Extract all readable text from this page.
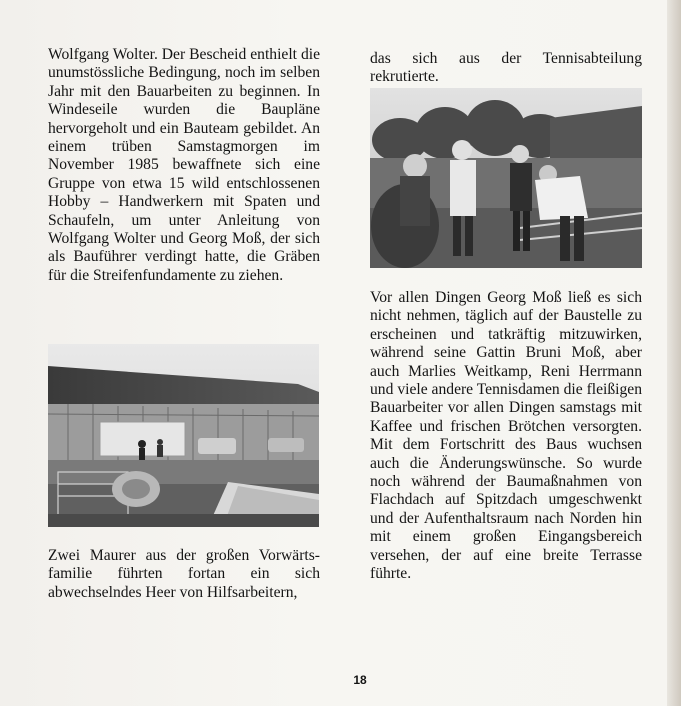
Wolfgang Wolter. Der Bescheid enthielt die unumstössliche Bedingung, noch im selben Jahr mit den Bauarbeiten zu beginnen. In Windeseile wurden die Baupläne hervorgeholt und ein Bauteam gebildet. An einem trüben Samstagmorgen im November 1985 bewaffnete sich eine Gruppe von etwa 15 wild entschlossenen Hobby – Handwerkern mit Spaten und Schaufeln, um unter Anleitung von Wolfgang Wolter und Georg Moß, der sich als Bauführer verdingt hatte, die Gräben für die Streifenfundamente zu ziehen.

Zwei Maurer aus der großen Vorwärts-familie führten fortan ein sich abwechselndes Heer von Hilfsarbeitern,

das sich aus der Tennisabteilung rekrutierte.

Vor allen Dingen Georg Moß ließ es sich nicht nehmen, täglich auf der Baustelle zu erscheinen und tatkräftig mitzuwirken, während seine Gattin Bruni Moß, aber auch Marlies Weitkamp, Reni Herrmann und viele andere Tennisdamen die fleißigen Bauarbeiter vor allen Dingen samstags mit Kaffee und frischen Brötchen versorgten. Mit dem Fortschritt des Baus wuchsen auch die Änderungswünsche. So wurde noch während der Baumaßnahmen von Flachdach auf Spitzdach umgeschwenkt und der Aufenthaltsraum nach Norden hin mit einem großen Eingangsbereich versehen, der auf eine breite Terrasse führte.

18
